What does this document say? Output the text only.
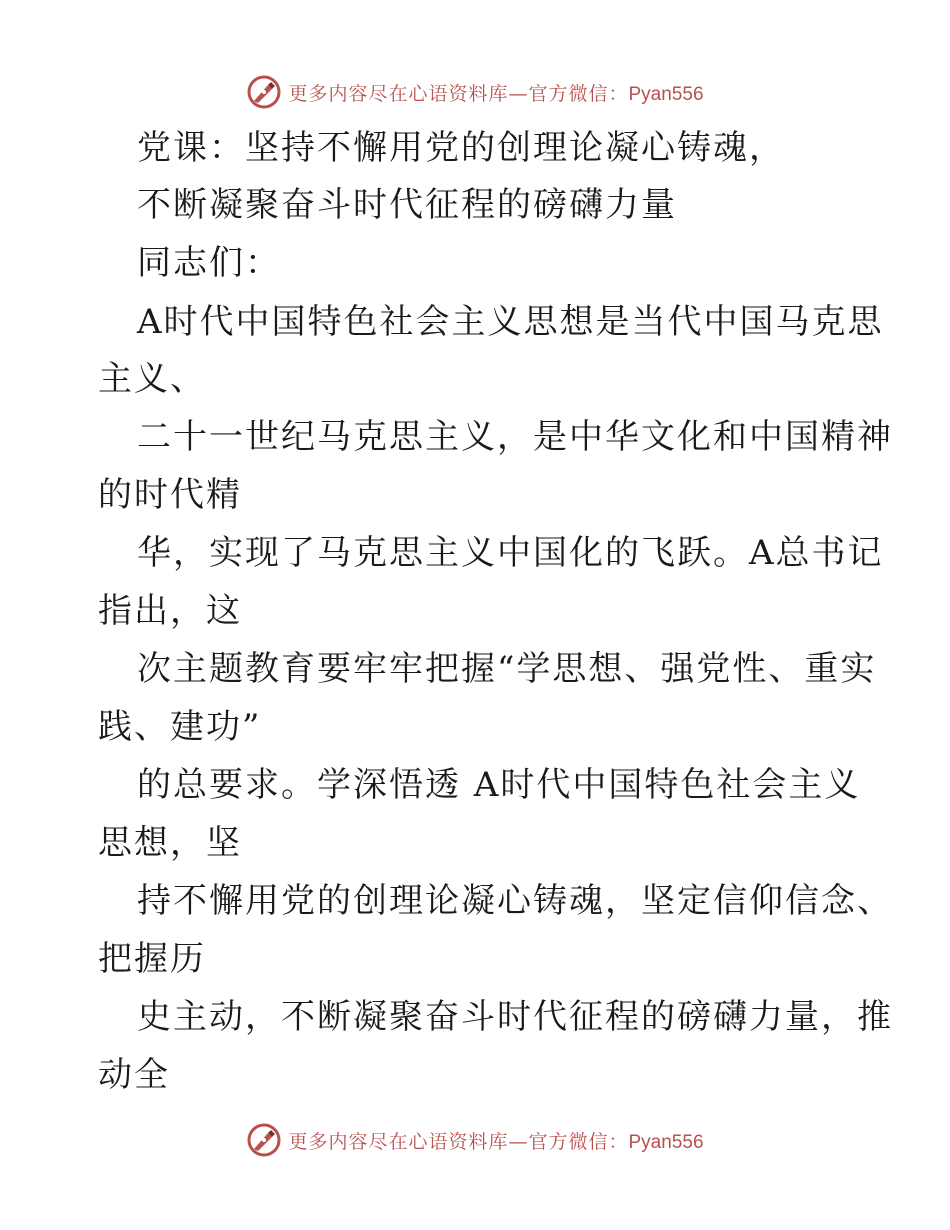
更多内容尽在心语资料库—官方微信：Pyan556
党课：坚持不懈用党的创理论凝心铸魂，
不断凝聚奋斗时代征程的磅礴力量
同志们：
A时代中国特色社会主义思想是当代中国马克思
主义、
二十一世纪马克思主义，是中华文化和中国精神
的时代精
华，实现了马克思主义中国化的飞跃。A总书记
指出，这
次主题教育要牢牢把握“学思想、强党性、重实
践、建功”
的总要求。学深悟透 A时代中国特色社会主义
思想，坚
持不懈用党的创理论凝心铸魂，坚定信仰信念、
把握历
史主动，不断凝聚奋斗时代征程的磅礴力量，推
动全
更多内容尽在心语资料库—官方微信：Pyan556
